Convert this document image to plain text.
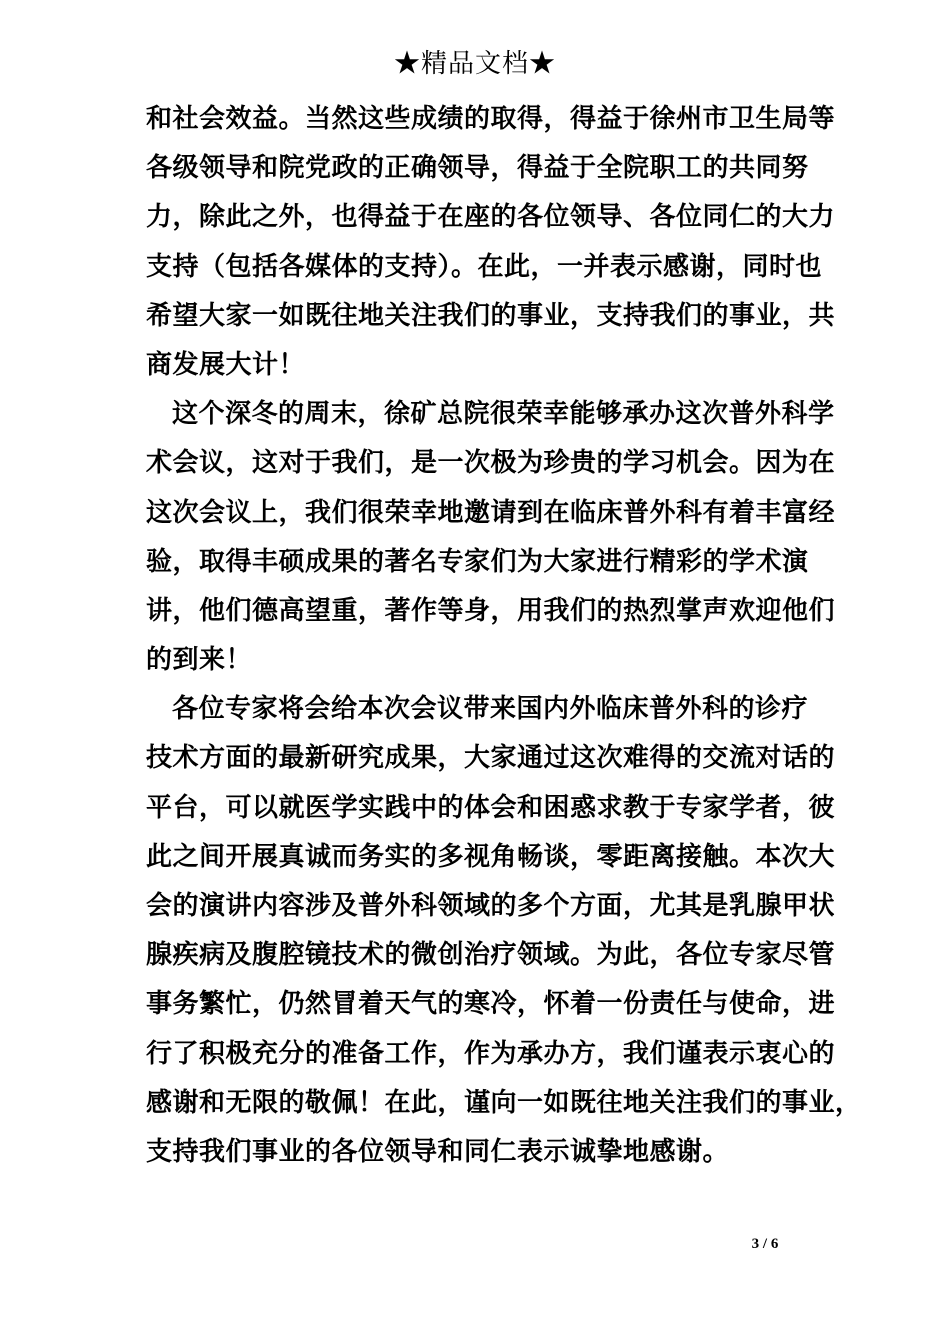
★精品文档★
和社会效益。当然这些成绩的取得，得益于徐州市卫生局等
各级领导和院党政的正确领导，得益于全院职工的共同努
力，除此之外，也得益于在座的各位领导、各位同仁的大力
支持（包括各媒体的支持）。在此，一并表示感谢，同时也
希望大家一如既往地关注我们的事业，支持我们的事业，共
商发展大计！
这个深冬的周末，徐矿总院很荣幸能够承办这次普外科学
术会议，这对于我们，是一次极为珍贵的学习机会。因为在
这次会议上，我们很荣幸地邀请到在临床普外科有着丰富经
验，取得丰硕成果的著名专家们为大家进行精彩的学术演
讲，他们德高望重，著作等身，用我们的热烈掌声欢迎他们
的到来！
各位专家将会给本次会议带来国内外临床普外科的诊疗
技术方面的最新研究成果，大家通过这次难得的交流对话的
平台，可以就医学实践中的体会和困惑求教于专家学者，彼
此之间开展真诚而务实的多视角畅谈，零距离接触。本次大
会的演讲内容涉及普外科领域的多个方面，尤其是乳腺甲状
腺疾病及腹腔镜技术的微创治疗领域。为此，各位专家尽管
事务繁忙，仍然冒着天气的寒冷，怀着一份责任与使命，进
行了积极充分的准备工作，作为承办方，我们谨表示衷心的
感谢和无限的敬佩！在此，谨向一如既往地关注我们的事业，
支持我们事业的各位领导和同仁表示诚挚地感谢。
3 / 6
